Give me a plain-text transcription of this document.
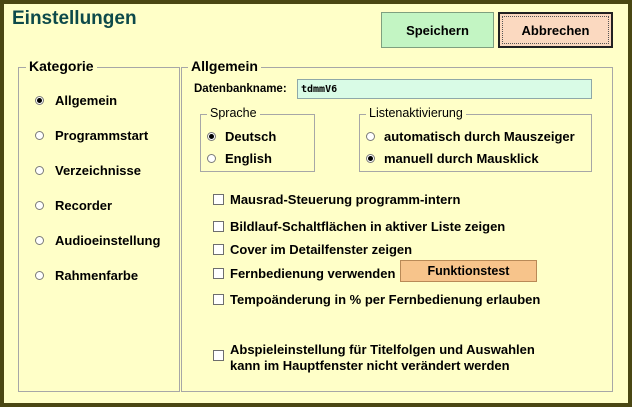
Einstellungen
Speichern	Abbrechen
Kategorie
Allgemein
Programmstart
Verzeichnisse
Recorder
Audioeinstellung
Rahmenfarbe
Allgemein
Datenbankname:
tdmmV6
Sprache
Deutsch
English
Listenaktivierung
automatisch durch Mauszeiger
manuell durch Mausklick
Mausrad-Steuerung programm-intern
Bildlauf-Schaltflächen in aktiver Liste zeigen
Cover im Detailfenster zeigen
Fernbedienung verwenden	Funktionstest
Tempoänderung in % per Fernbedienung erlauben
Abspieleinstellung für Titelfolgen und Auswahlen
kann im Hauptfenster nicht verändert werden
